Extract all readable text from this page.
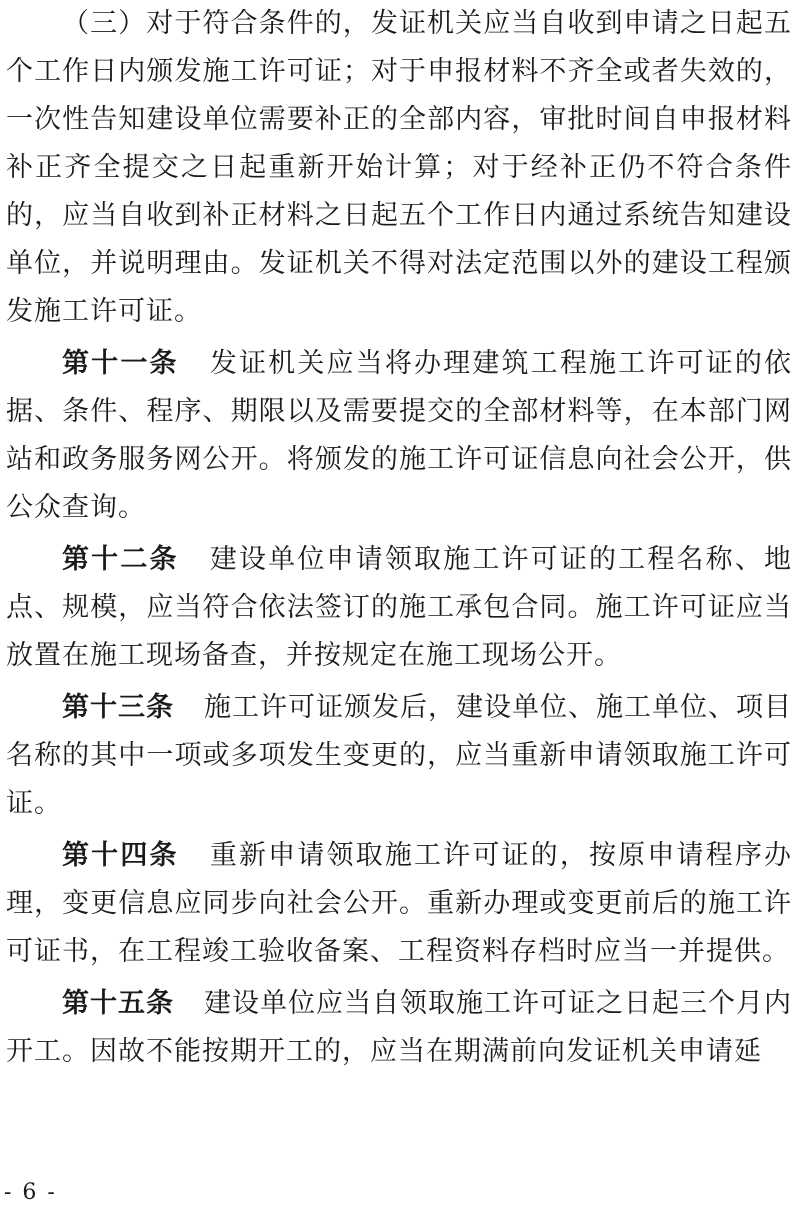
（三）对于符合条件的，发证机关应当自收到申请之日起五个工作日内颁发施工许可证；对于申报材料不齐全或者失效的，一次性告知建设单位需要补正的全部内容，审批时间自申报材料补正齐全提交之日起重新开始计算；对于经补正仍不符合条件的，应当自收到补正材料之日起五个工作日内通过系统告知建设单位，并说明理由。发证机关不得对法定范围以外的建设工程颁发施工许可证。

第十一条 发证机关应当将办理建筑工程施工许可证的依据、条件、程序、期限以及需要提交的全部材料等，在本部门网站和政务服务网公开。将颁发的施工许可证信息向社会公开，供公众查询。

第十二条 建设单位申请领取施工许可证的工程名称、地点、规模，应当符合依法签订的施工承包合同。施工许可证应当放置在施工现场备查，并按规定在施工现场公开。

第十三条 施工许可证颁发后，建设单位、施工单位、项目名称的其中一项或多项发生变更的，应当重新申请领取施工许可证。

第十四条 重新申请领取施工许可证的，按原申请程序办理，变更信息应同步向社会公开。重新办理或变更前后的施工许可证书，在工程竣工验收备案、工程资料存档时应当一并提供。

第十五条 建设单位应当自领取施工许可证之日起三个月内开工。因故不能按期开工的，应当在期满前向发证机关申请延

- 6 -
